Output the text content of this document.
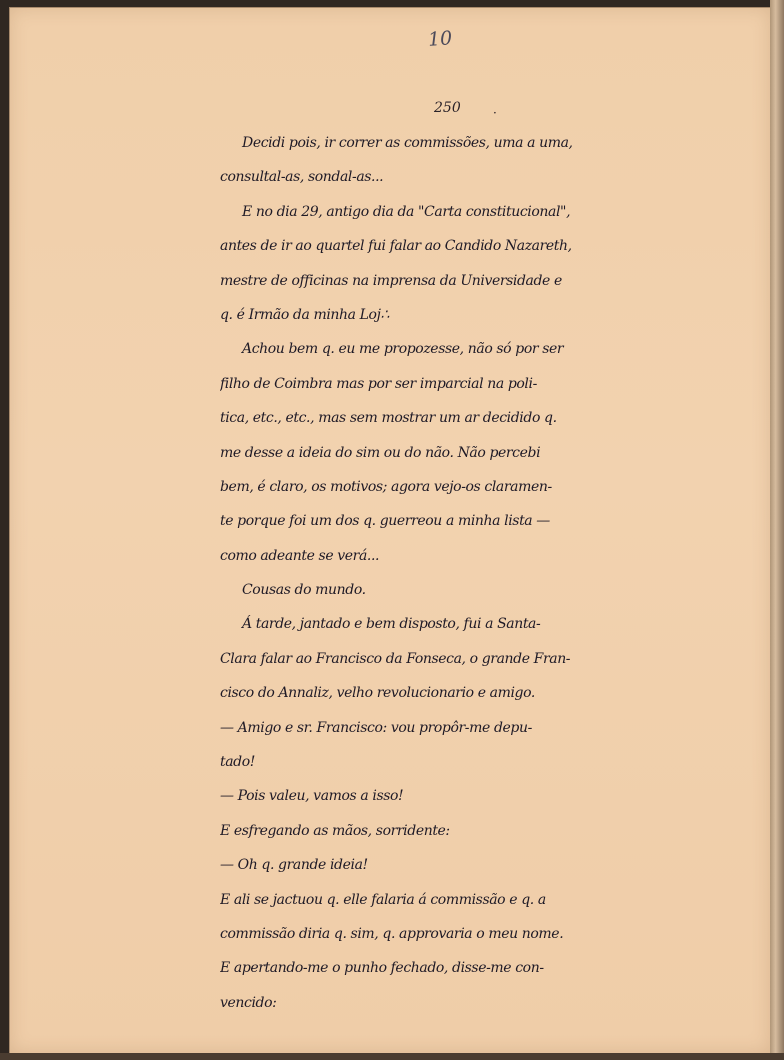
10
250	·
Decidi pois, ir correr as commissões, uma a uma,
consultal-as, sondal-as...
E no dia 29, antigo dia da "Carta constitucional",
antes de ir ao quartel fui falar ao Candido Nazareth,
mestre de officinas na imprensa da Universidade e
q. é Irmão da minha Loj∴
Achou bem q. eu me propozesse, não só por ser
filho de Coimbra mas por ser imparcial na poli-
tica, etc., etc., mas sem mostrar um ar decidido q.
me desse a ideia do sim ou do não. Não percebi
bem, é claro, os motivos; agora vejo-os claramen-
te porque foi um dos q. guerreou a minha lista —
como adeante se verá...
Cousas do mundo.
Á tarde, jantado e bem disposto, fui a Santa-
Clara falar ao Francisco da Fonseca, o grande Fran-
cisco do Annaliz, velho revolucionario e amigo.
— Amigo e sr. Francisco: vou propôr-me depu-
tado!
— Pois valeu, vamos a isso!
E esfregando as mãos, sorridente:
— Oh q. grande ideia!
E ali se jactuou q. elle falaria á commissão e q. a
commissão diria q. sim, q. approvaria o meu nome.
E apertando-me o punho fechado, disse-me con-
vencido:
